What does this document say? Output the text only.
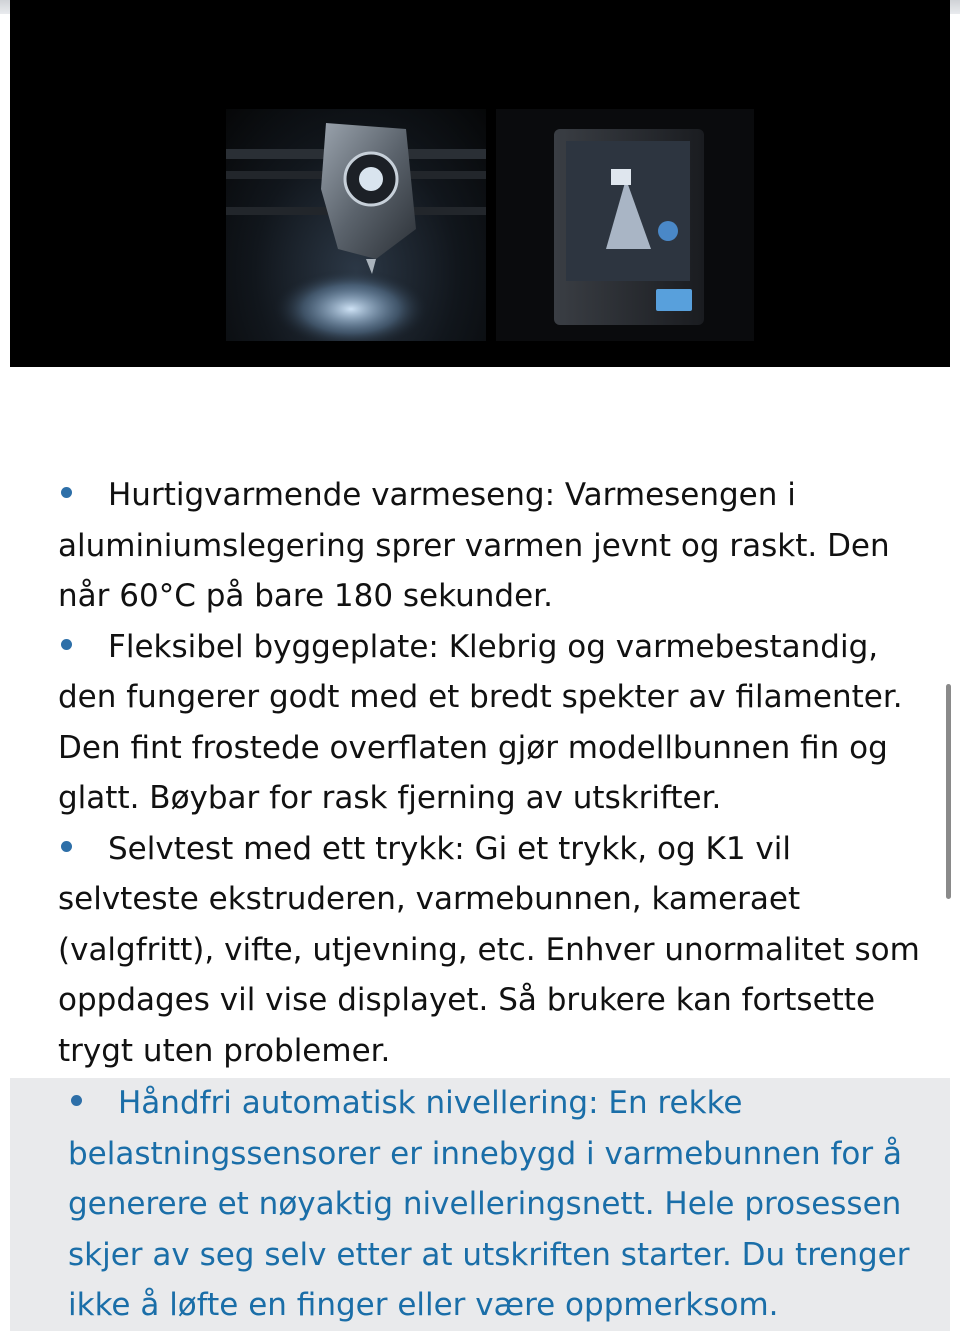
Hurtigvarmende varmeseng: Varmesengen i aluminiumslegering sprer varmen jevnt og raskt. Den når 60°C på bare 180 sekunder.
Fleksibel byggeplate: Klebrig og varmebestandig, den fungerer godt med et bredt spekter av filamenter. Den fint frostede overflaten gjør modellbunnen fin og glatt. Bøybar for rask fjerning av utskrifter.
Selvtest med ett trykk: Gi et trykk, og K1 vil selvteste ekstruderen, varmebunnen, kameraet (valgfritt), vifte, utjevning, etc. Enhver unormalitet som oppdages vil vise displayet. Så brukere kan fortsette trygt uten problemer.
Håndfri automatisk nivellering: En rekke belastningssensorer er innebygd i varmebunnen for å generere et nøyaktig nivelleringsnett. Hele prosessen skjer av seg selv etter at utskriften starter. Du trenger ikke å løfte en finger eller være oppmerksom.
